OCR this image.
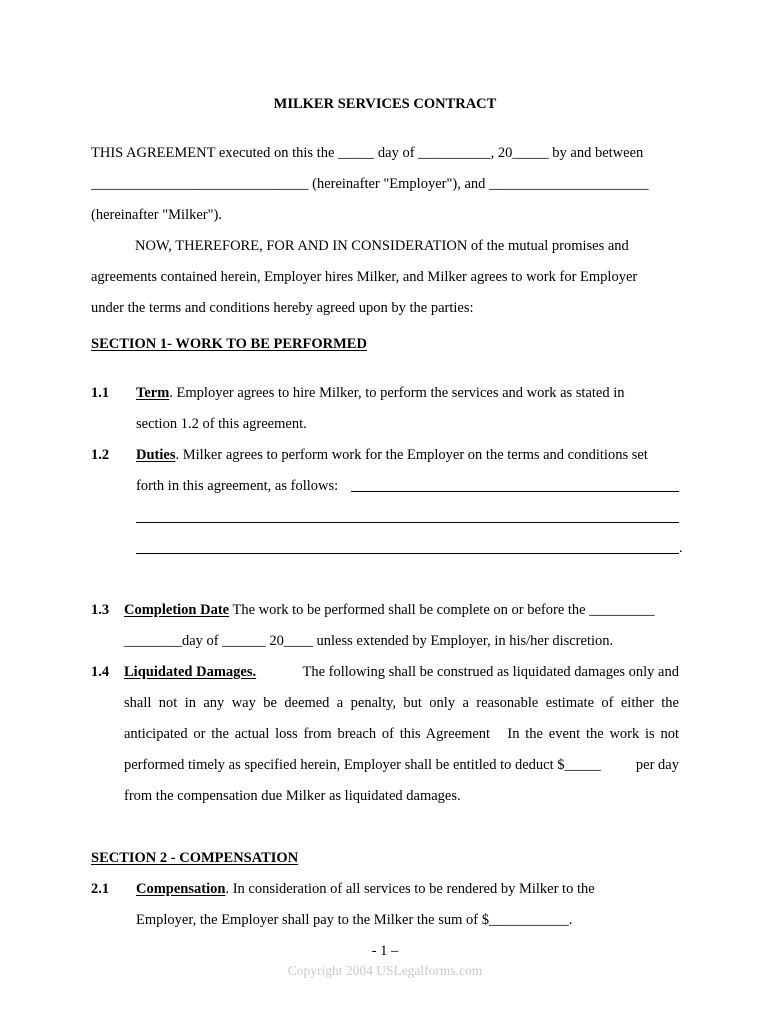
MILKER SERVICES CONTRACT
THIS AGREEMENT executed on this the _____ day of __________, 20_____ by and between
______________________________ (hereinafter "Employer"), and ______________________
(hereinafter "Milker").
NOW, THEREFORE, FOR AND IN CONSIDERATION of the mutual promises and
agreements contained herein, Employer hires Milker, and Milker agrees to work for Employer
under the terms and conditions hereby agreed upon by the parties:
SECTION 1- WORK TO BE PERFORMED
1.1 Term. Employer agrees to hire Milker, to perform the services and work as stated in
section 1.2 of this agreement.
1.2 Duties. Milker agrees to perform work for the Employer on the terms and conditions set
forth in this agreement, as follows:
.
1.3 Completion Date The work to be performed shall be complete on or before the _________
________day of ______ 20____ unless extended by Employer, in his/her discretion.
1.4 Liquidated Damages.	The following shall be construed as liquidated damages only and
shall not in any way be deemed a penalty, but only a reasonable estimate of either the
anticipated or the actual loss from breach of this Agreement   In the event the work is not
performed timely as specified herein, Employer shall be entitled to deduct $_____ per day
from the compensation due Milker as liquidated damages.
SECTION 2 - COMPENSATION
2.1 Compensation. In consideration of all services to be rendered by Milker to the
Employer, the Employer shall pay to the Milker the sum of $___________.
- 1 –
Copyright 2004 USLegalforms.com
